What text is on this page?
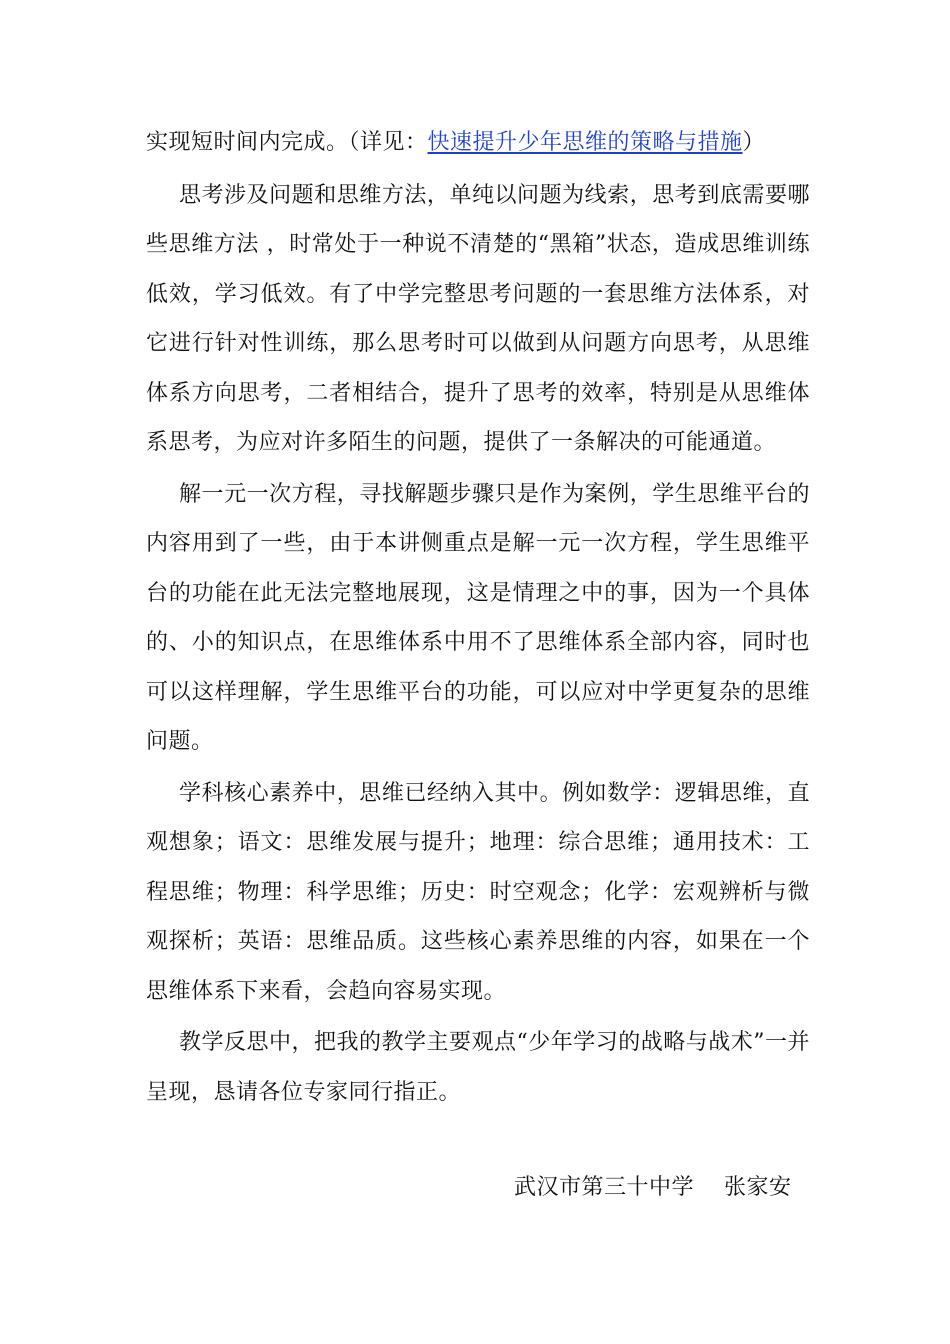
实现短时间内完成。（详见：快速提升少年思维的策略与措施）

思考涉及问题和思维方法，单纯以问题为线索，思考到底需要哪些思维方法 ，时常处于一种说不清楚的“黑箱”状态，造成思维训练低效，学习低效。有了中学完整思考问题的一套思维方法体系，对它进行针对性训练，那么思考时可以做到从问题方向思考，从思维体系方向思考，二者相结合，提升了思考的效率，特别是从思维体系思考，为应对许多陌生的问题，提供了一条解决的可能通道。

解一元一次方程，寻找解题步骤只是作为案例，学生思维平台的内容用到了一些，由于本讲侧重点是解一元一次方程，学生思维平台的功能在此无法完整地展现，这是情理之中的事，因为一个具体的、小的知识点，在思维体系中用不了思维体系全部内容，同时也可以这样理解，学生思维平台的功能，可以应对中学更复杂的思维问题。

学科核心素养中，思维已经纳入其中。例如数学：逻辑思维，直观想象；语文：思维发展与提升；地理：综合思维；通用技术：工程思维；物理：科学思维；历史：时空观念；化学：宏观辨析与微观探析；英语：思维品质。这些核心素养思维的内容，如果在一个思维体系下来看，会趋向容易实现。

教学反思中，把我的教学主要观点“少年学习的战略与战术”一并呈现，恳请各位专家同行指正。

武汉市第三十中学    张家安
